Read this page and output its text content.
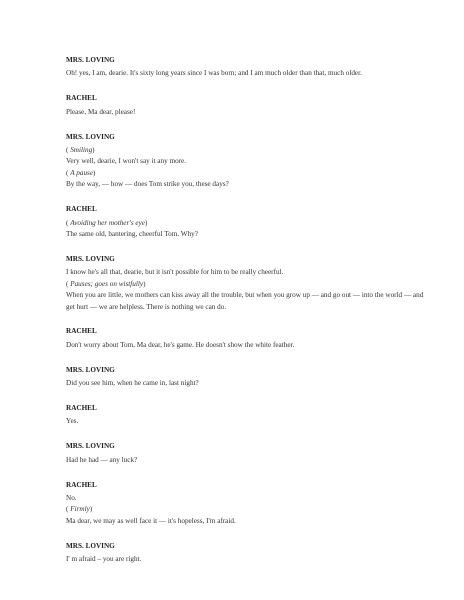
MRS. LOVING
Oh! yes, I am, dearie. It's sixty long years since I was born; and I am much older than that, much older.
RACHEL
Please, Ma dear, please!
MRS. LOVING
( Smiling)
Very well, dearie, I won't say it any more.
( A pause)
By the way, — how — does Tom strike you, these days?
RACHEL
( Avoiding her mother's eye)
The same old, bantering, cheerful Tom. Why?
MRS. LOVING
I know he's all that, dearie, but it isn't possible for him to be really cheerful.
( Pauses; goes on wistfully)
When you are little, we mothers can kiss away all the trouble, but when you grow up — and go out — into the world — and get hurt — we are helpless. There is nothing we can do.
RACHEL
Don't worry about Tom, Ma dear, he's game. He doesn't show the white feather.
MRS. LOVING
Did you see him, when he came in, last night?
RACHEL
Yes.
MRS. LOVING
Had he had — any luck?
RACHEL
No.
( Firmly)
Ma dear, we may as well face it — it's hopeless, I'm afraid.
MRS. LOVING
I' m afraid – you are right.
